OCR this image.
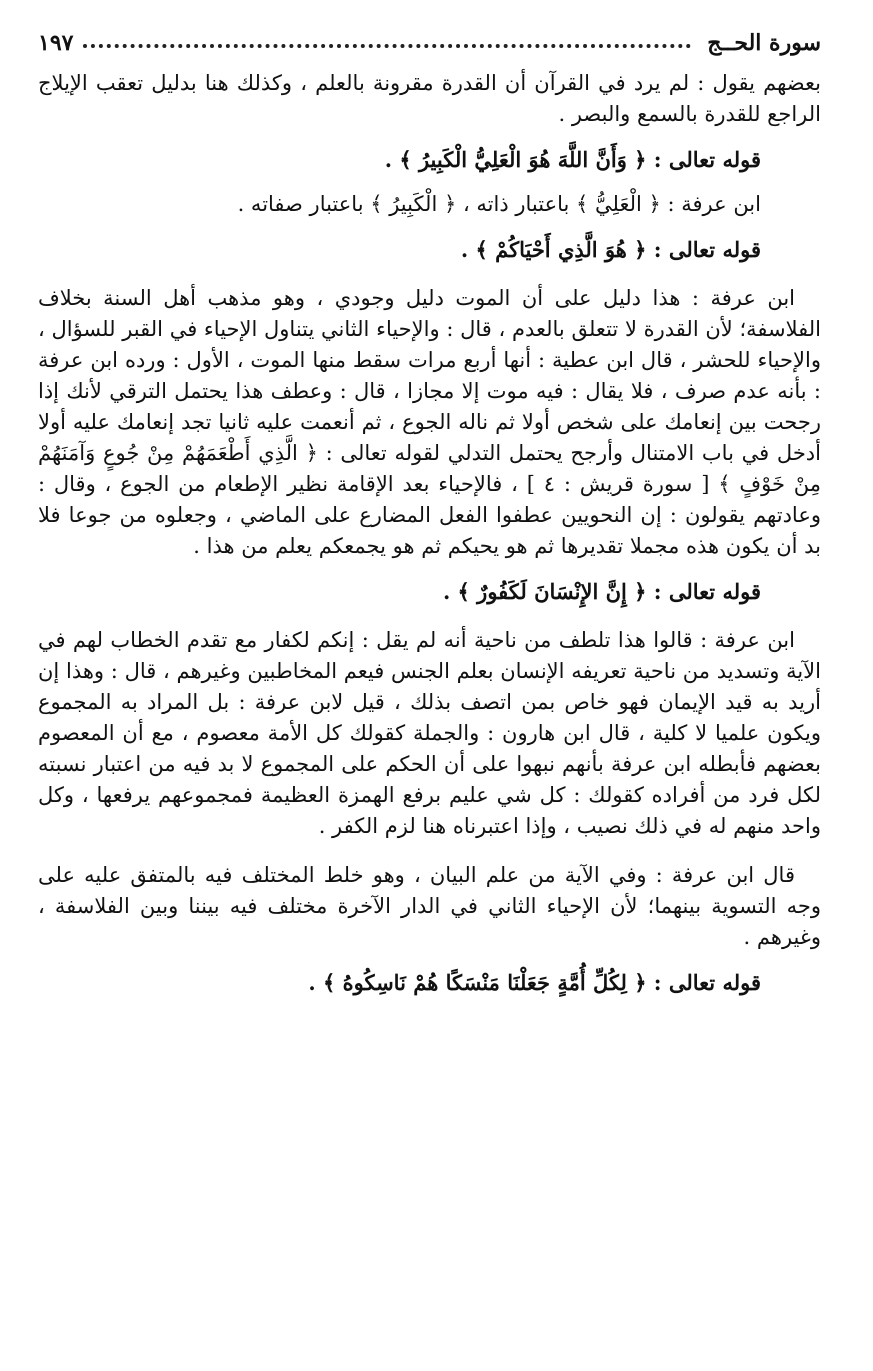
سورة الحــج
١٩٧

بعضهم يقول : لم يرد في القرآن أن القدرة مقرونة بالعلم ، وكذلك هنا بدليل تعقب الإيلاج الراجع للقدرة بالسمع والبصر .

قوله تعالى : ﴿ وَأَنَّ اللَّهَ هُوَ الْعَلِيُّ الْكَبِيرُ ﴾ .

ابن عرفة : ﴿ الْعَلِيُّ ﴾ باعتبار ذاته ، ﴿ الْكَبِيرُ ﴾ باعتبار صفاته .

قوله تعالى : ﴿ هُوَ الَّذِي أَحْيَاكُمْ ﴾ .

ابن عرفة : هذا دليل على أن الموت دليل وجودي ، وهو مذهب أهل السنة بخلاف الفلاسفة؛ لأن القدرة لا تتعلق بالعدم ، قال : والإحياء الثاني يتناول الإحياء في القبر للسؤال ، والإحياء للحشر ، قال ابن عطية : أنها أربع مرات سقط منها الموت ، الأول : ورده ابن عرفة : بأنه عدم صرف ، فلا يقال : فيه موت إلا مجازا ، قال : وعطف هذا يحتمل الترقي لأنك إذا رجحت بين إنعامك على شخص أولا ثم ناله الجوع ، ثم أنعمت عليه ثانيا تجد إنعامك عليه أولا أدخل في باب الامتنال وأرجح يحتمل التدلي لقوله تعالى : ﴿ الَّذِي أَطْعَمَهُمْ مِنْ جُوعٍ وَآمَنَهُمْ مِنْ خَوْفٍ ﴾ [ سورة قريش : ٤ ] ، فالإحياء بعد الإقامة نظير الإطعام من الجوع ، وقال : وعادتهم يقولون : إن النحويين عطفوا الفعل المضارع على الماضي ، وجعلوه من جوعا فلا بد أن يكون هذه مجملا تقديرها ثم هو يحيكم ثم هو يجمعكم يعلم من هذا .

قوله تعالى : ﴿ إِنَّ الإِنْسَانَ لَكَفُورٌ ﴾ .

ابن عرفة : قالوا هذا تلطف من ناحية أنه لم يقل : إنكم لكفار مع تقدم الخطاب لهم في الآية وتسديد من ناحية تعريفه الإنسان بعلم الجنس فيعم المخاطبين وغيرهم ، قال : وهذا إن أريد به قيد الإيمان فهو خاص بمن اتصف بذلك ، قيل لابن عرفة : بل المراد به المجموع ويكون علميا لا كلية ، قال ابن هارون : والجملة كقولك كل الأمة معصوم ، مع أن المعصوم بعضهم فأبطله ابن عرفة بأنهم نبهوا على أن الحكم على المجموع لا بد فيه من اعتبار نسبته لكل فرد من أفراده كقولك : كل شي عليم برفع الهمزة العظيمة فمجموعهم يرفعها ، وكل واحد منهم له في ذلك نصيب ، وإذا اعتبرناه هنا لزم الكفر .

قال ابن عرفة : وفي الآية من علم البيان ، وهو خلط المختلف فيه بالمتفق عليه على وجه التسوية بينهما؛ لأن الإحياء الثاني في الدار الآخرة مختلف فيه بيننا وبين الفلاسفة ، وغيرهم .

قوله تعالى : ﴿ لِكُلِّ أُمَّةٍ جَعَلْنَا مَنْسَكًا هُمْ نَاسِكُوهُ ﴾ .
